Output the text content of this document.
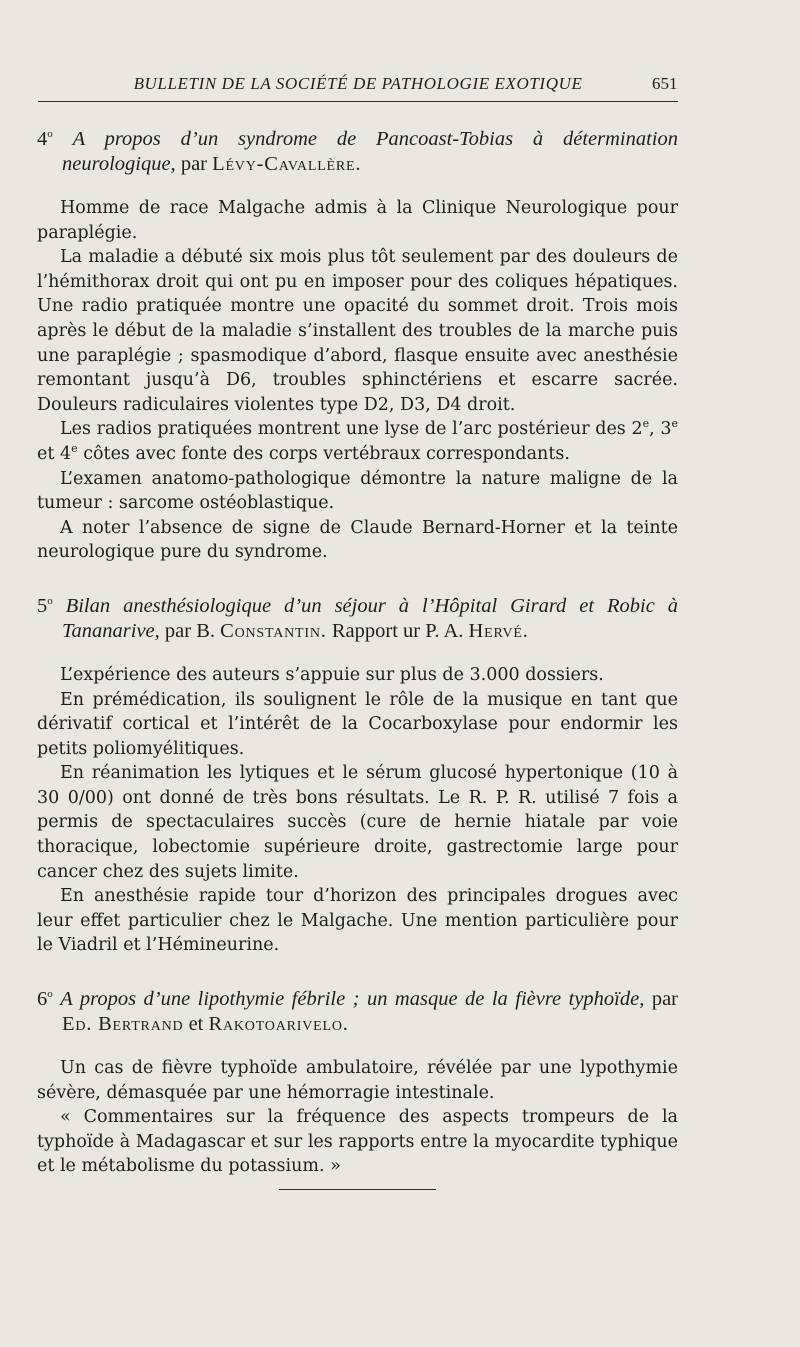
BULLETIN DE LA SOCIÉTÉ DE PATHOLOGIE EXOTIQUE	651

4$^o$ A propos d’un syndrome de Pancoast-Tobias à détermination neurologique, par Lévy-Cavallère.

Homme de race Malgache admis à la Clinique Neurologique pour paraplégie.

La maladie a débuté six mois plus tôt seulement par des douleurs de l’hémithorax droit qui ont pu en imposer pour des coliques hépatiques. Une radio pratiquée montre une opacité du sommet droit. Trois mois après le début de la maladie s’installent des troubles de la marche puis une paraplégie ; spasmodique d’abord, flasque ensuite avec anesthésie remontant jusqu’à D6, troubles sphinctériens et escarre sacrée. Douleurs radiculaires violentes type D2, D3, D4 droit.

Les radios pratiquées montrent une lyse de l’arc postérieur des 2e, 3e et 4e côtes avec fonte des corps vertébraux correspondants.

L’examen anatomo-pathologique démontre la nature maligne de la tumeur : sarcome ostéoblastique.

A noter l’absence de signe de Claude Bernard-Horner et la teinte neurologique pure du syndrome.

5$^o$ Bilan anesthésiologique d’un séjour à l’Hôpital Girard et Robic à Tananarive, par B. Constantin. Rapport ur P. A. Hervé.

L’expérience des auteurs s’appuie sur plus de 3.000 dossiers.

En prémédication, ils soulignent le rôle de la musique en tant que dérivatif cortical et l’intérêt de la Cocarboxylase pour endormir les petits poliomyélitiques.

En réanimation les lytiques et le sérum glucosé hypertonique (10 à 30 0/00) ont donné de très bons résultats. Le R. P. R. utilisé 7 fois a permis de spectaculaires succès (cure de hernie hiatale par voie thoracique, lobectomie supérieure droite, gastrectomie large pour cancer chez des sujets limite.

En anesthésie rapide tour d’horizon des principales drogues avec leur effet particulier chez le Malgache. Une mention particulière pour le Viadril et l’Hémineurine.

6$^o$ A propos d’une lipothymie fébrile ; un masque de la fièvre typhoïde, par Ed. Bertrand et Rakotoarivelo.

Un cas de fièvre typhoïde ambulatoire, révélée par une lypothymie sévère, démasquée par une hémorragie intestinale.

« Commentaires sur la fréquence des aspects trompeurs de la typhoïde à Madagascar et sur les rapports entre la myocardite typhique et le métabolisme du potassium. »
